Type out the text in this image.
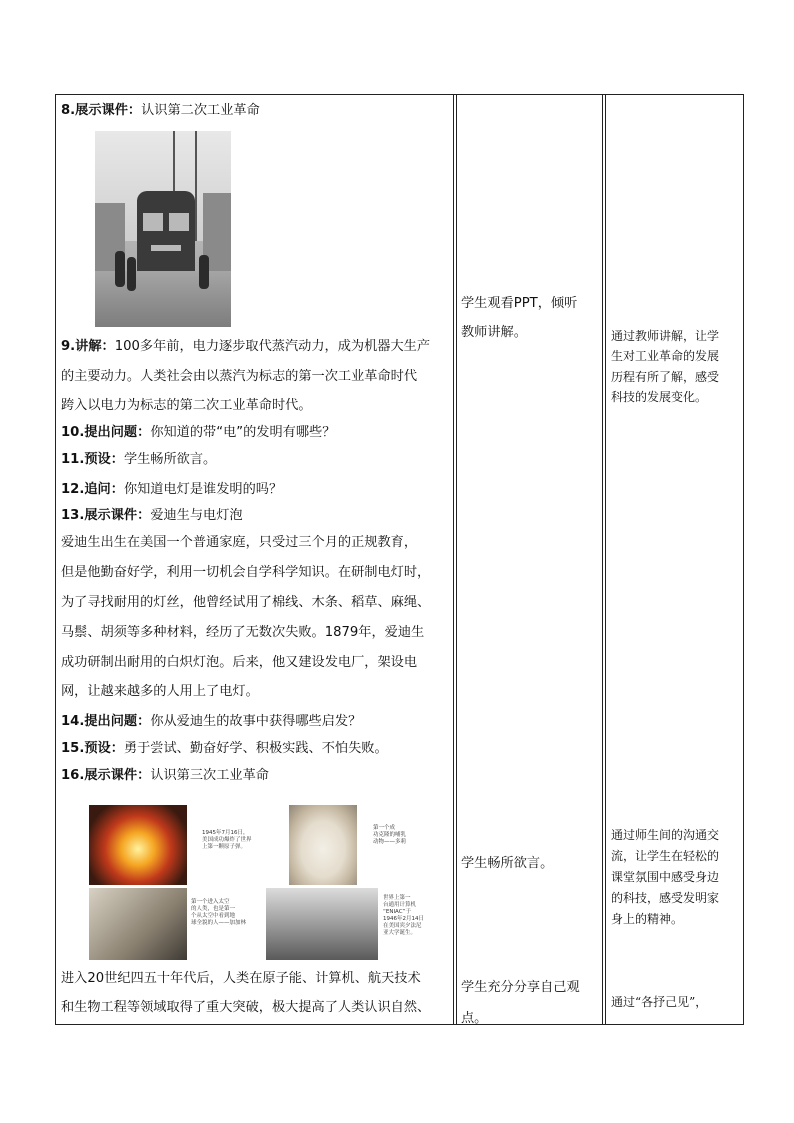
8.展示课件：认识第二次工业革命
9.讲解：100多年前，电力逐步取代蒸汽动力，成为机器大生产
的主要动力。人类社会由以蒸汽为标志的第一次工业革命时代
跨入以电力为标志的第二次工业革命时代。
10.提出问题：你知道的带“电”的发明有哪些？
11.预设：学生畅所欲言。
12.追问：你知道电灯是谁发明的吗？
13.展示课件：爱迪生与电灯泡
爱迪生出生在美国一个普通家庭，只受过三个月的正规教育，
但是他勤奋好学，利用一切机会自学科学知识。在研制电灯时，
为了寻找耐用的灯丝，他曾经试用了棉线、木条、稻草、麻绳、
马鬃、胡须等多种材料，经历了无数次失败。1879年，爱迪生
成功研制出耐用的白炽灯泡。后来，他又建设发电厂，架设电
网，让越来越多的人用上了电灯。
14.提出问题：你从爱迪生的故事中获得哪些启发？
15.预设：勇于尝试、勤奋好学、积极实践、不怕失败。
16.展示课件：认识第三次工业革命
1945年7月16日，
美国成功爆炸了世界
上第一颗原子弹。
第一个成
功克隆的哺乳
动物——多莉
第一个进入太空
的人类，也是第一
个从太空中看到地
球全貌的人——加加林
世界上第一
台通用计算机
“ENIAC”于
1946年2月14日
在美国宾夕法尼
亚大学诞生。
进入20世纪四五十年代后，人类在原子能、计算机、航天技术
和生物工程等领域取得了重大突破，极大提高了人类认识自然、
学生观看PPT，倾听
教师讲解。
学生畅所欲言。
学生充分分享自己观
点。
通过教师讲解，让学
生对工业革命的发展
历程有所了解，感受
科技的发展变化。
通过师生间的沟通交
流，让学生在轻松的
课堂氛围中感受身边
的科技，感受发明家
身上的精神。
通过“各抒己见”，
